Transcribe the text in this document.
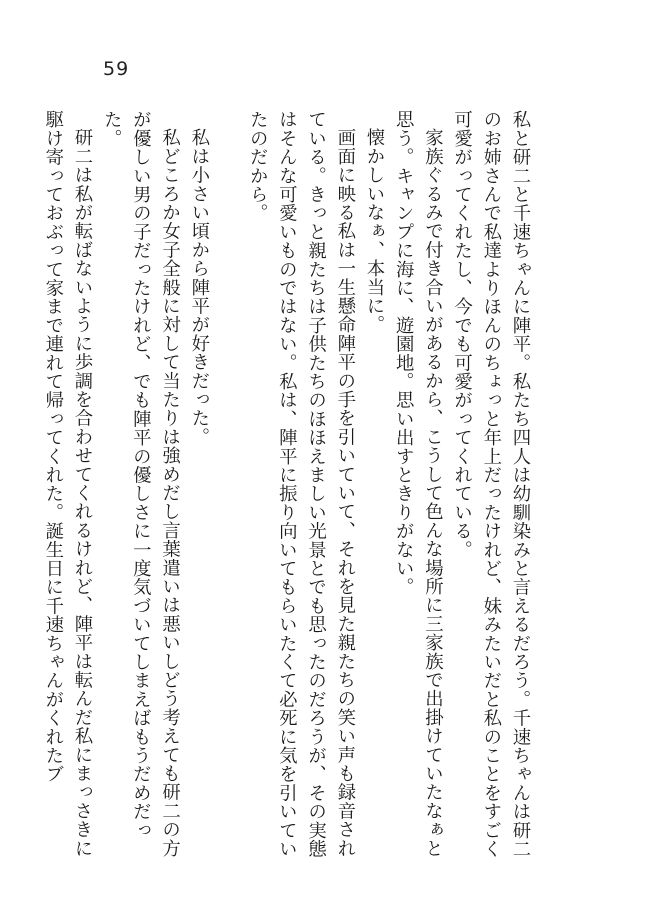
59

私と研二と千速ちゃんに陣平。私たち四人は幼馴染みと言えるだろう。千速ちゃんは研二のお姉さんで私達よりほんのちょっと年上だったけれど、妹みたいだと私のことをすごく可愛がってくれたし、今でも可愛がってくれている。

家族ぐるみで付き合いがあるから、こうして色んな場所に三家族で出掛けていたなぁと思う。キャンプに海に、遊園地。思い出すときりがない。

懐かしいなぁ、本当に。

画面に映る私は一生懸命陣平の手を引いていて、それを見た親たちの笑い声も録音されている。きっと親たちは子供たちのほほえましい光景とでも思ったのだろうが、その実態はそんな可愛いものではない。私は、陣平に振り向いてもらいたくて必死に気を引いていたのだから。

私は小さい頃から陣平が好きだった。

私どころか女子全般に対して当たりは強めだし言葉遣いは悪いしどう考えても研二の方が優しい男の子だったけれど、でも陣平の優しさに一度気づいてしまえばもうだめだった。

研二は私が転ばないように歩調を合わせてくれるけれど、陣平は転んだ私にまっさきに駆け寄っておぶって家まで連れて帰ってくれた。誕生日に千速ちゃんがくれたブ
